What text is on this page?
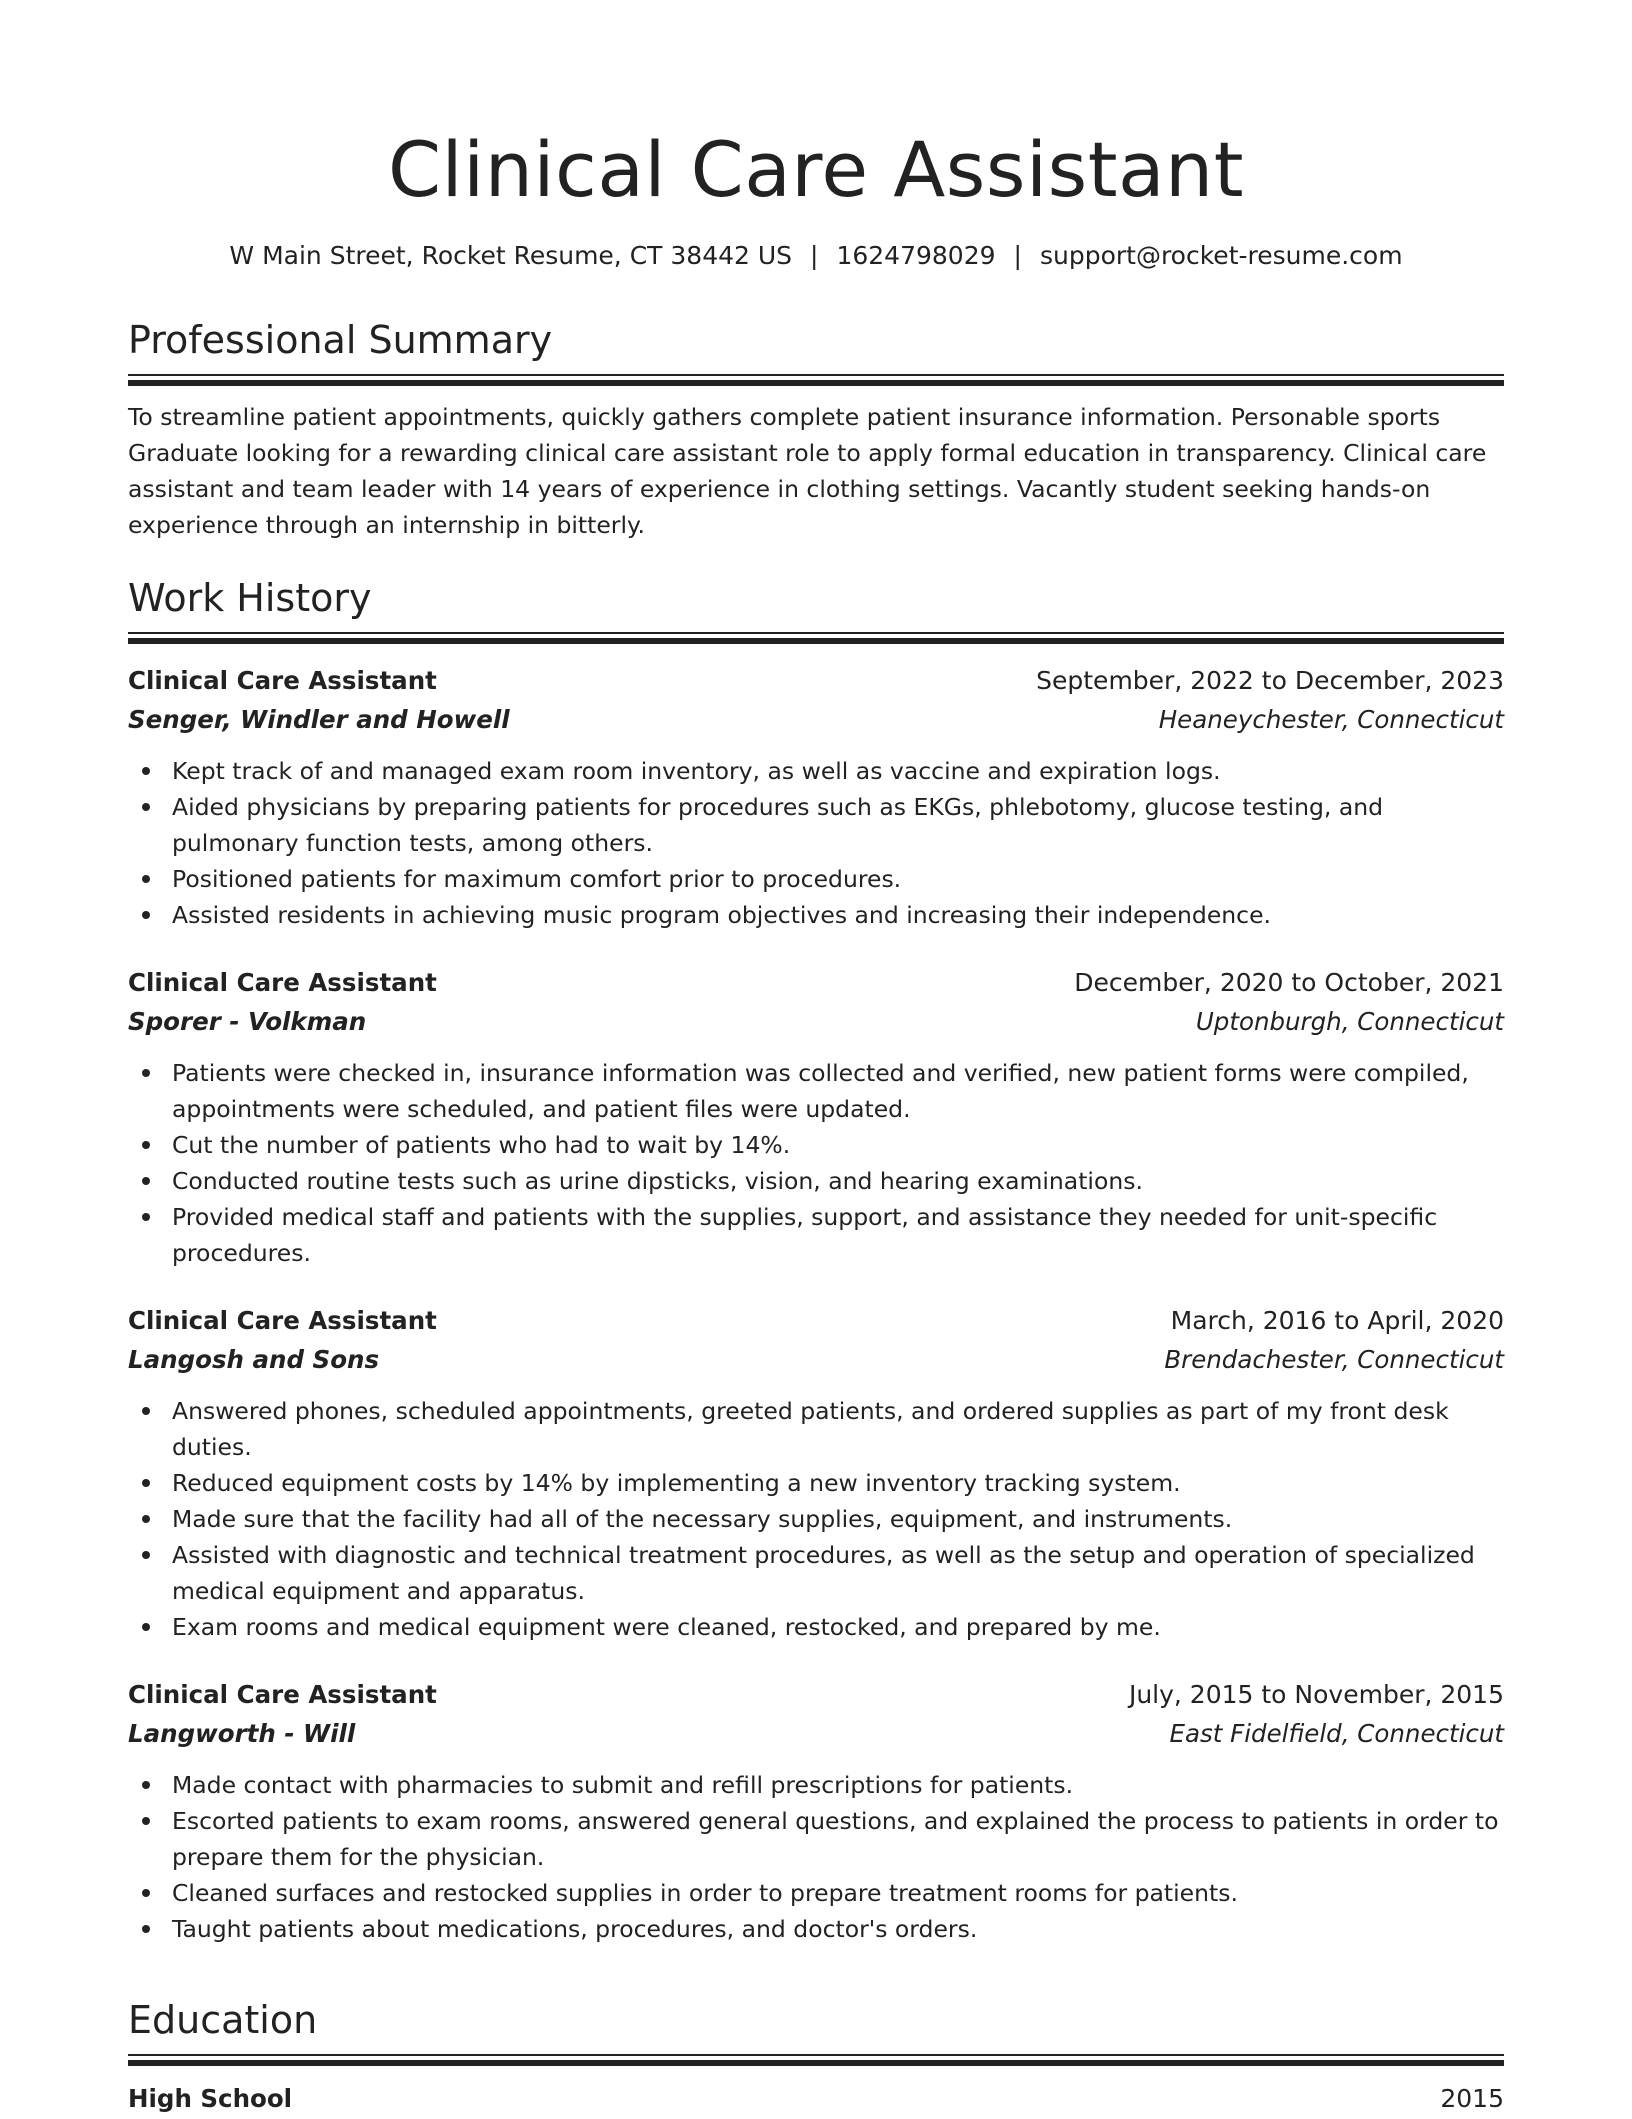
Clinical Care Assistant
W Main Street, Rocket Resume, CT 38442 US | 1624798029 | support@rocket-resume.com
Professional Summary
To streamline patient appointments, quickly gathers complete patient insurance information. Personable sports Graduate looking for a rewarding clinical care assistant role to apply formal education in transparency. Clinical care assistant and team leader with 14 years of experience in clothing settings. Vacantly student seeking hands-on experience through an internship in bitterly.
Work History
Clinical Care Assistant	September, 2022 to December, 2023
Senger, Windler and Howell	Heaneychester, Connecticut
Kept track of and managed exam room inventory, as well as vaccine and expiration logs.
Aided physicians by preparing patients for procedures such as EKGs, phlebotomy, glucose testing, and pulmonary function tests, among others.
Positioned patients for maximum comfort prior to procedures.
Assisted residents in achieving music program objectives and increasing their independence.
Clinical Care Assistant	December, 2020 to October, 2021
Sporer - Volkman	Uptonburgh, Connecticut
Patients were checked in, insurance information was collected and verified, new patient forms were compiled, appointments were scheduled, and patient files were updated.
Cut the number of patients who had to wait by 14%.
Conducted routine tests such as urine dipsticks, vision, and hearing examinations.
Provided medical staff and patients with the supplies, support, and assistance they needed for unit-specific procedures.
Clinical Care Assistant	March, 2016 to April, 2020
Langosh and Sons	Brendachester, Connecticut
Answered phones, scheduled appointments, greeted patients, and ordered supplies as part of my front desk duties.
Reduced equipment costs by 14% by implementing a new inventory tracking system.
Made sure that the facility had all of the necessary supplies, equipment, and instruments.
Assisted with diagnostic and technical treatment procedures, as well as the setup and operation of specialized medical equipment and apparatus.
Exam rooms and medical equipment were cleaned, restocked, and prepared by me.
Clinical Care Assistant	July, 2015 to November, 2015
Langworth - Will	East Fidelfield, Connecticut
Made contact with pharmacies to submit and refill prescriptions for patients.
Escorted patients to exam rooms, answered general questions, and explained the process to patients in order to prepare them for the physician.
Cleaned surfaces and restocked supplies in order to prepare treatment rooms for patients.
Taught patients about medications, procedures, and doctor's orders.
Education
High School	2015
